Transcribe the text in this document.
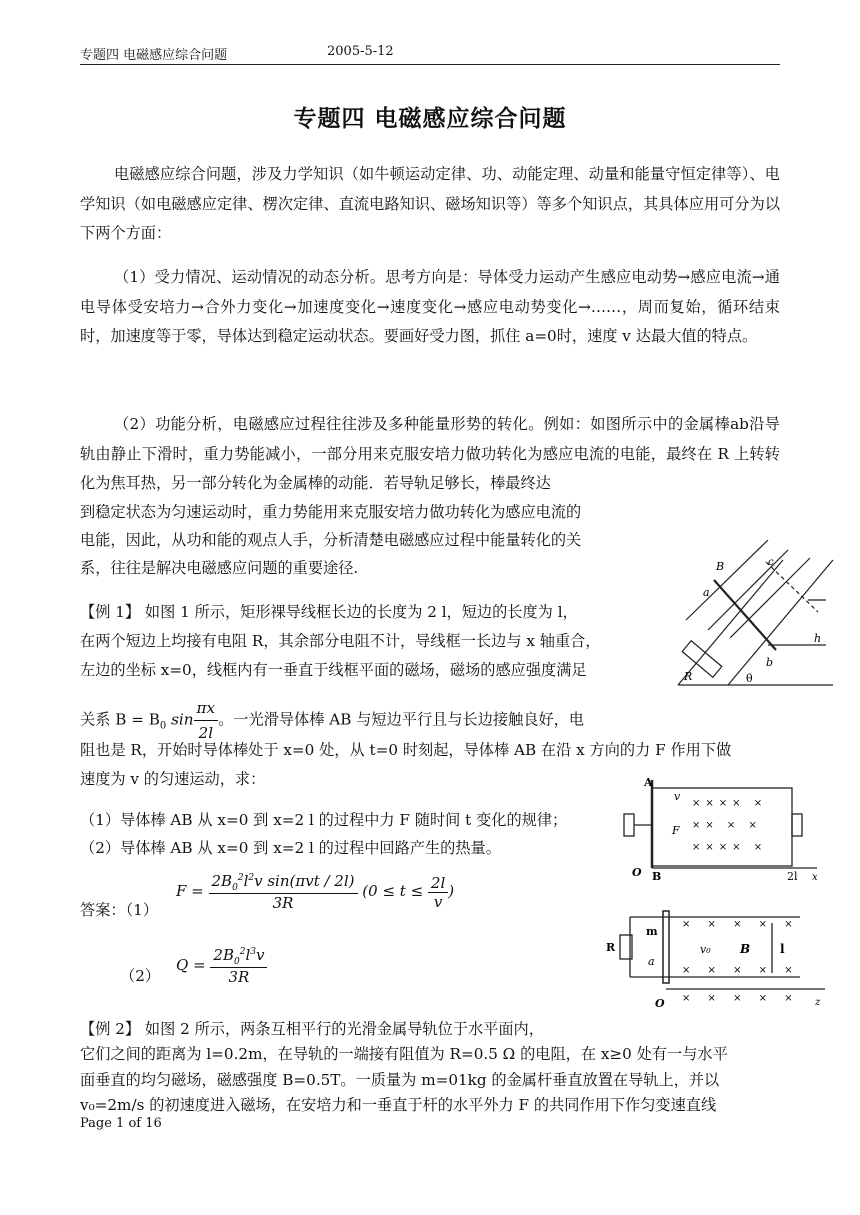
专题四 电磁感应综合问题	2005-5-12
专题四 电磁感应综合问题

电磁感应综合问题，涉及力学知识（如牛顿运动定律、功、动能定理、动量和能量守恒定律等）、电学知识（如电磁感应定律、楞次定律、直流电路知识、磁场知识等）等多个知识点，其具体应用可分为以下两个方面：

（1）受力情况、运动情况的动态分析。思考方向是：导体受力运动产生感应电动势→感应电流→通电导体受安培力→合外力变化→加速度变化→速度变化→感应电动势变化→……，周而复始，循环结束时，加速度等于零，导体达到稳定运动状态。要画好受力图，抓住 a=0时，速度 v 达最大值的特点。

（2）功能分析，电磁感应过程往往涉及多种能量形势的转化。例如：如图所示中的金属棒ab沿导轨由静止下滑时，重力势能减小，一部分用来克服安培力做功转化为感应电流的电能，最终在 R 上转转化为焦耳热，另一部分转化为金属棒的动能．若导轨足够长，棒最终达

到稳定状态为匀速运动时，重力势能用来克服安培力做功转化为感应电流的
电能，因此，从功和能的观点人手，分析清楚电磁感应过程中能量转化的关
系，往往是解决电磁感应问题的重要途径.
【例 1】 如图 1 所示，矩形裸导线框长边的长度为 2 l，短边的长度为 l，
在两个短边上均接有电阻 R，其余部分电阻不计，导线框一长边与 x 轴重合，
左边的坐标 x=0，线框内有一垂直于线框平面的磁场，磁场的感应强度满足
关系 $B = B_0$ $\sin \frac{\pi x}{2l}$ 。一光滑导体棒 AB 与短边平行且与长边接触良好，电
阻也是 R，开始时导体棒处于 x=0 处，从 t=0 时刻起，导体棒 AB 在沿 x 方向的力 F 作用下做
速度为 v 的匀速运动，求：
（1）导体棒 AB 从 x=0 到 x=2 l 的过程中力 F 随时间 t 变化的规律；
（2）导体棒 AB 从 x=0 到 x=2 l 的过程中回路产生的热量。
答案：（1）
$F = \frac{2B_0^2l^2v \sin(\pi vt / 2l)}{3R} (0 \le t \le \frac{2l}{v}$ )
（2）
$Q = \frac{2B_0^2l^3v}{3R}$
【例 2】 如图 2 所示，两条互相平行的光滑金属导轨位于水平面内，
它们之间的距离为 l=0.2m，在导轨的一端接有阻值为 R=0.5 Ω 的电阻，在 x≥0 处有一与水平
面垂直的均匀磁场，磁感强度 B=0.5T。一质量为 m=01kg 的金属杆垂直放置在导轨上，并以
v₀=2m/s 的初速度进入磁场，在安培力和一垂直于杆的水平外力 F 的共同作用下作匀变速直线
B
a
b
c
h
R	θ
A
v
F
O B	2l x
×××× ×
×× × ×
×××× ×
R
m
a
v₀ B l
O	z
× × × × ×
× × × × ×
× × × × ×
Page 1 of 16
